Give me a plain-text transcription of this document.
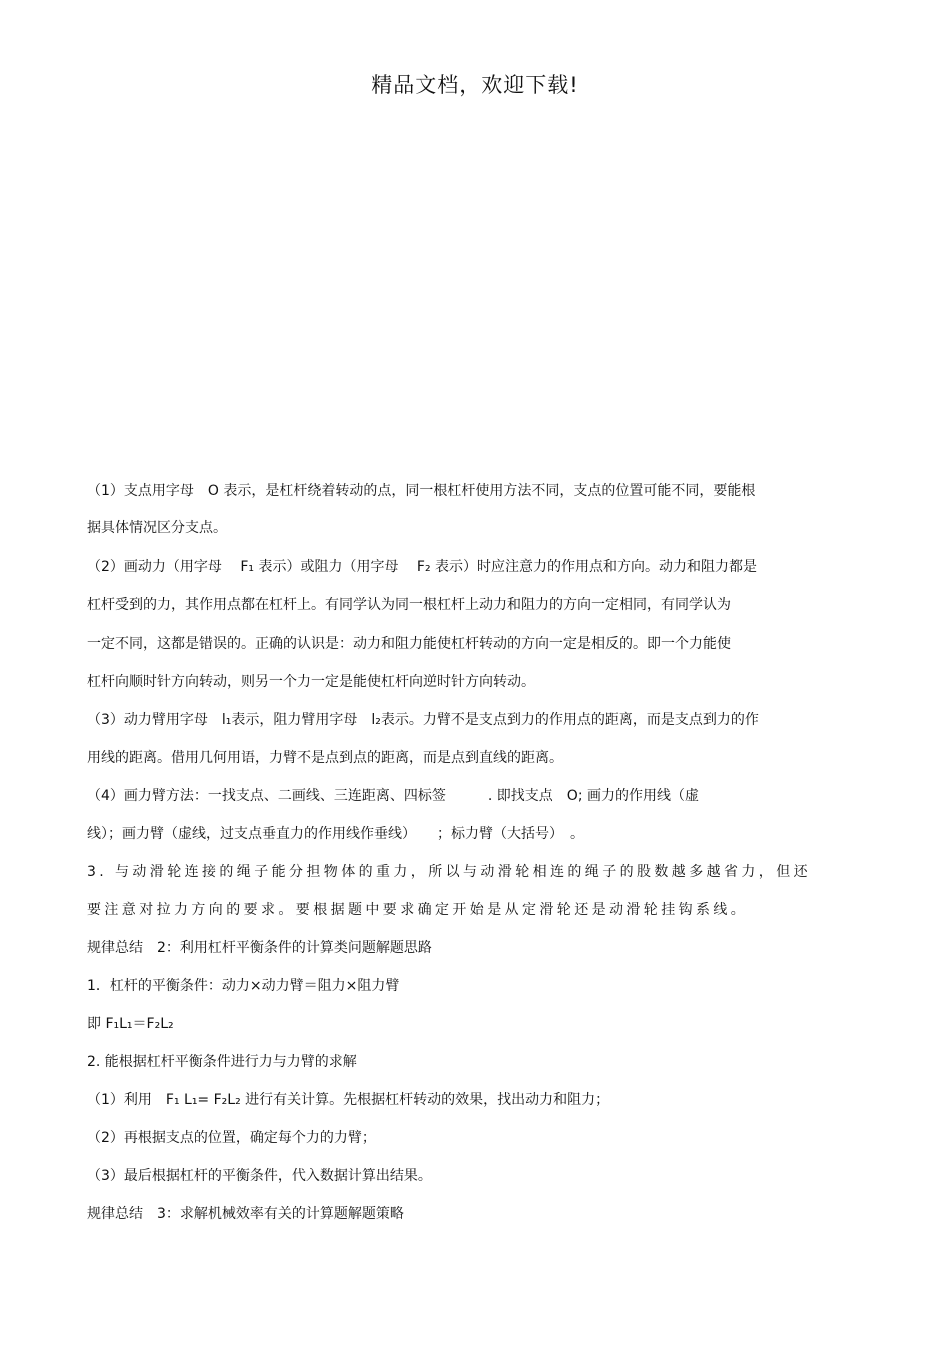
精品文档，欢迎下载!
（1）支点用字母　O 表示，是杠杆绕着转动的点，同一根杠杆使用方法不同，支点的位置可能不同，要能根
据具体情况区分支点。
（2）画动力（用字母　 F₁ 表示）或阻力（用字母　 F₂ 表示）时应注意力的作用点和方向。动力和阻力都是
杠杆受到的力，其作用点都在杠杆上。有同学认为同一根杠杆上动力和阻力的方向一定相同，有同学认为
一定不同，这都是错误的。正确的认识是：动力和阻力能使杠杆转动的方向一定是相反的。即一个力能使
杠杆向顺时针方向转动，则另一个力一定是能使杠杆向逆时针方向转动。
（3）动力臂用字母　l₁表示，阻力臂用字母　l₂表示。力臂不是支点到力的作用点的距离，而是支点到力的作
用线的距离。借用几何用语，力臂不是点到点的距离，而是点到直线的距离。
（4）画力臂方法：一找支点、二画线、三连距离、四标签　　　. 即找支点　O; 画力的作用线（虚
线）；画力臂（虚线，过支点垂直力的作用线作垂线）　　；标力臂（大括号）　。
3. 与动滑轮连接的绳子能分担物体的重力，所以与动滑轮相连的绳子的股数越多越省力，但还
要注意对拉力方向的要求。要根据题中要求确定开始是从定滑轮还是动滑轮挂钩系线。
规律总结　2：利用杠杆平衡条件的计算类问题解题思路
1．杠杆的平衡条件：动力×动力臂＝阻力×阻力臂
即 F₁L₁＝F₂L₂
2. 能根据杠杆平衡条件进行力与力臂的求解
（1）利用　F₁ L₁= F₂L₂ 进行有关计算。先根据杠杆转动的效果，找出动力和阻力；
（2）再根据支点的位置，确定每个力的力臂；
（3）最后根据杠杆的平衡条件，代入数据计算出结果。
规律总结　3：求解机械效率有关的计算题解题策略
